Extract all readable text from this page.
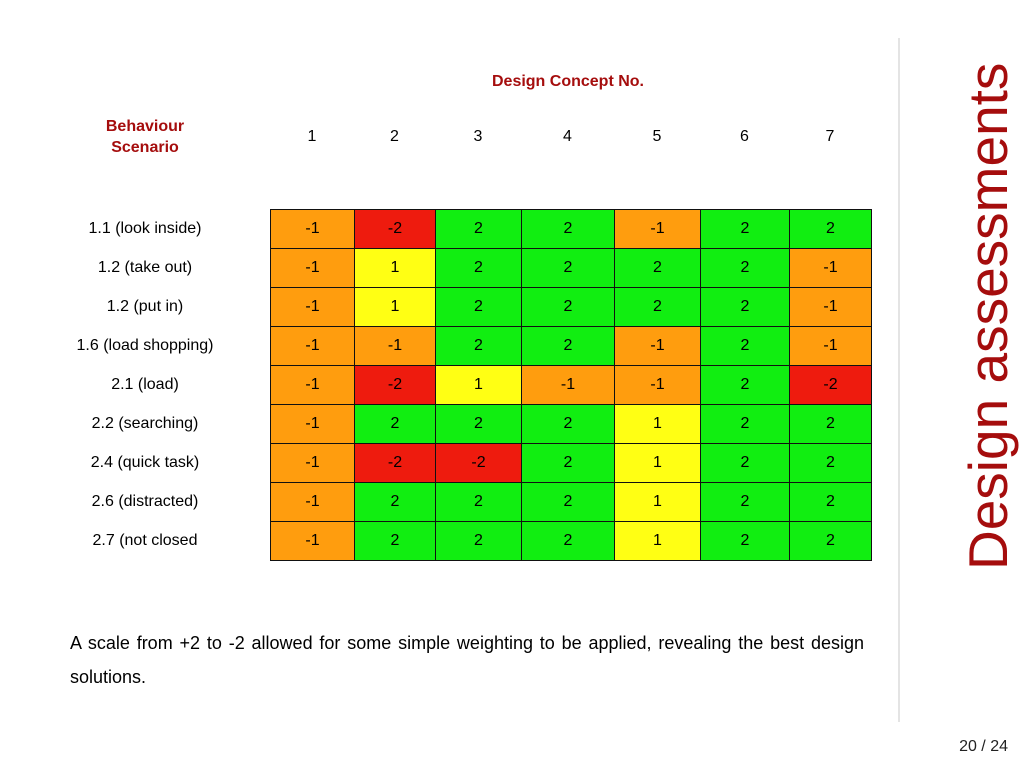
Design Concept No.
Behaviour Scenario
1	2	3	4	5	6	7
1.1 (look inside)	-1	-2	2	2	-1	2	2
1.2 (take out)	-1	1	2	2	2	2	-1
1.2 (put in)	-1	1	2	2	2	2	-1
1.6 (load shopping)	-1	-1	2	2	-1	2	-1
2.1 (load)	-1	-2	1	-1	-1	2	-2
2.2 (searching)	-1	2	2	2	1	2	2
2.4 (quick task)	-1	-2	-2	2	1	2	2
2.6 (distracted)	-1	2	2	2	1	2	2
2.7 (not closed	-1	2	2	2	1	2	2
A scale from +2 to -2 allowed for some simple weighting to be applied, revealing the best design solutions.
Design assessments
20 / 24
